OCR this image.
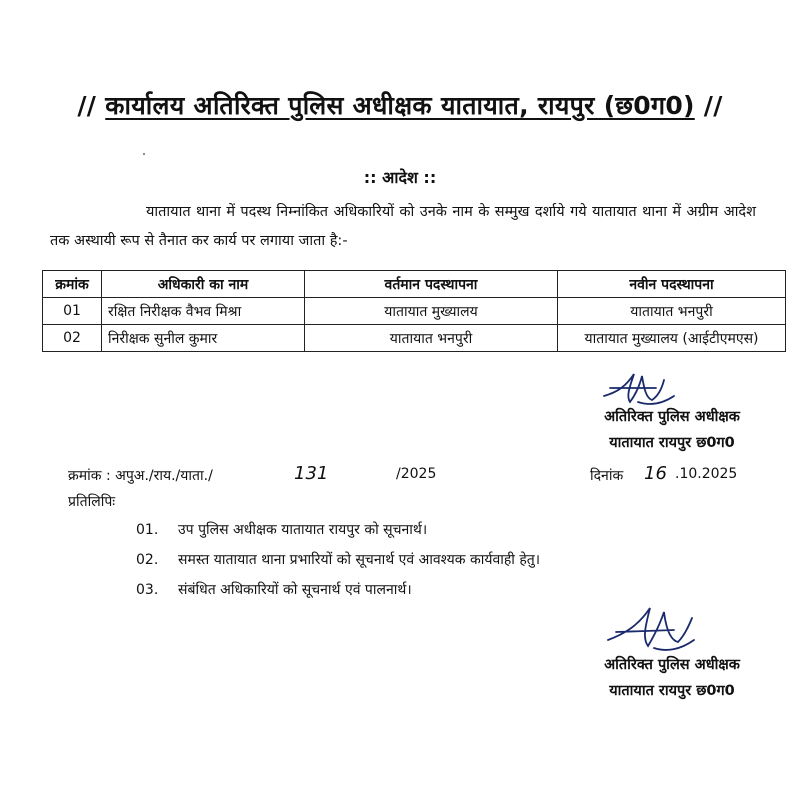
// कार्यालय अतिरिक्त पुलिस अधीक्षक यातायात, रायपुर (छ0ग0) //
:: आदेश ::
यातायात थाना में पदस्थ निम्नांकित अधिकारियों को उनके नाम के सम्मुख दर्शाये गये यातायात थाना में अग्रीम आदेश तक अस्थायी रूप से तैनात कर कार्य पर लगाया जाता है:-
क्रमांक	अधिकारी का नाम	वर्तमान पदस्थापना	नवीन पदस्थापना
01	रक्षित निरीक्षक वैभव मिश्रा	यातायात मुख्यालय	यातायात भनपुरी
02	निरीक्षक सुनील कुमार	यातायात भनपुरी	यातायात मुख्यालय (आईटीएमएस)
अतिरिक्त पुलिस अधीक्षक
यातायात रायपुर छ0ग0
क्रमांक : अपुअ./राय./याता./	131	/2025	दिनांक 16 .10.2025
प्रतिलिपिः
01. उप पुलिस अधीक्षक यातायात रायपुर को सूचनार्थ।
02. समस्त यातायात थाना प्रभारियों को सूचनार्थ एवं आवश्यक कार्यवाही हेतु।
03. संबंधित अधिकारियों को सूचनार्थ एवं पालनार्थ।
अतिरिक्त पुलिस अधीक्षक
यातायात रायपुर छ0ग0
